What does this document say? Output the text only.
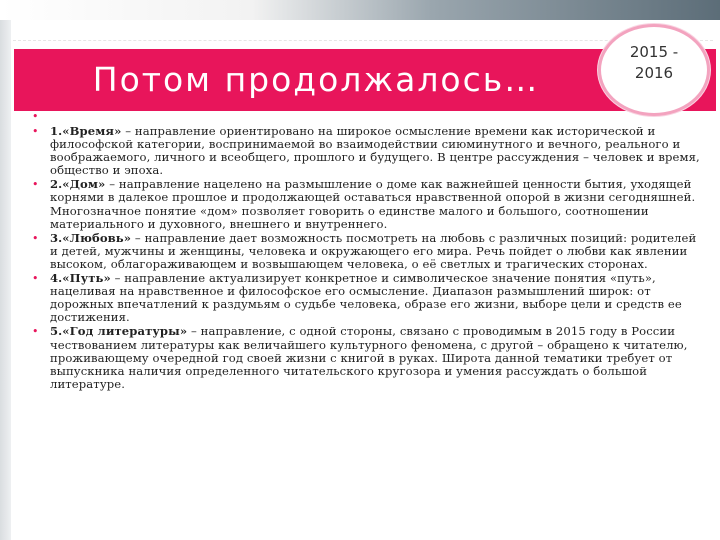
Потом продолжалось…
2015 -
2016
•
• 1.«Время» – направление ориентировано на широкое осмысление времени как исторической и философской категории, воспринимаемой во взаимодействии сиюминутного и вечного, реального и воображаемого, личного и всеобщего, прошлого и будущего. В центре рассуждения – человек и время, общество и эпоха.
• 2.«Дом» – направление нацелено на размышление о доме как важнейшей ценности бытия, уходящей корнями в далекое прошлое и продолжающей оставаться нравственной опорой в жизни сегодняшней. Многозначное понятие «дом» позволяет говорить о единстве малого и большого, соотношении материального и духовного, внешнего и внутреннего.
• 3.«Любовь» – направление дает возможность посмотреть на любовь с различных позиций: родителей и детей, мужчины и женщины, человека и окружающего его мира. Речь пойдет о любви как явлении высоком, облагораживающем и возвышающем человека, о её светлых и трагических сторонах.
• 4.«Путь» – направление актуализирует конкретное и символическое значение понятия «путь», нацеливая на нравственное и философское его осмысление. Диапазон размышлений широк: от дорожных впечатлений к раздумьям о судьбе человека, образе его жизни, выборе цели и средств ее достижения.
• 5.«Год литературы» – направление, с одной стороны, связано с проводимым в 2015 году в России чествованием литературы как величайшего культурного феномена, с другой – обращено к читателю, проживающему очередной год своей жизни с книгой в руках. Широта данной тематики требует от выпускника наличия определенного читательского кругозора и умения рассуждать о большой литературе.
